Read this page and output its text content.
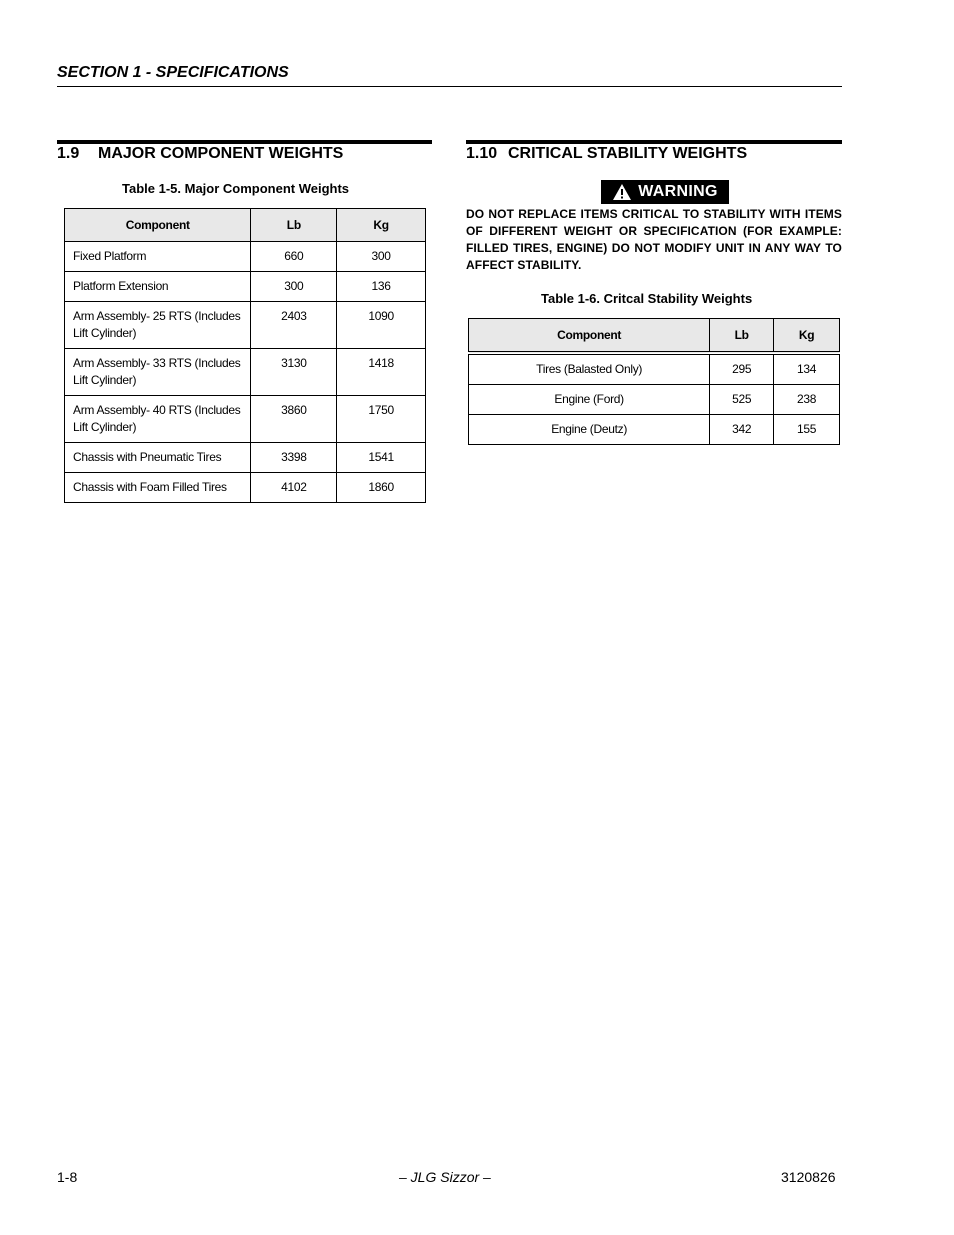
SECTION 1 - SPECIFICATIONS
1.9 MAJOR COMPONENT WEIGHTS
Table 1-5. Major Component Weights
Component	Lb	Kg
Fixed Platform	660	300
Platform Extension	300	136
Arm Assembly- 25 RTS (Includes Lift Cylinder)	2403	1090
Arm Assembly- 33 RTS (Includes Lift Cylinder)	3130	1418
Arm Assembly- 40 RTS (Includes Lift Cylinder)	3860	1750
Chassis with Pneumatic Tires	3398	1541
Chassis with Foam Filled Tires	4102	1860
1.10 CRITICAL STABILITY WEIGHTS
WARNING
DO NOT REPLACE ITEMS CRITICAL TO STABILITY WITH ITEMS OF DIFFERENT WEIGHT OR SPECIFICATION (FOR EXAMPLE: FILLED TIRES, ENGINE) DO NOT MODIFY UNIT IN ANY WAY TO AFFECT STABILITY.
Table 1-6. Critcal Stability Weights
Component	Lb	Kg
Tires (Balasted Only)	295	134
Engine (Ford)	525	238
Engine (Deutz)	342	155
1-8	– JLG Sizzor –	3120826
